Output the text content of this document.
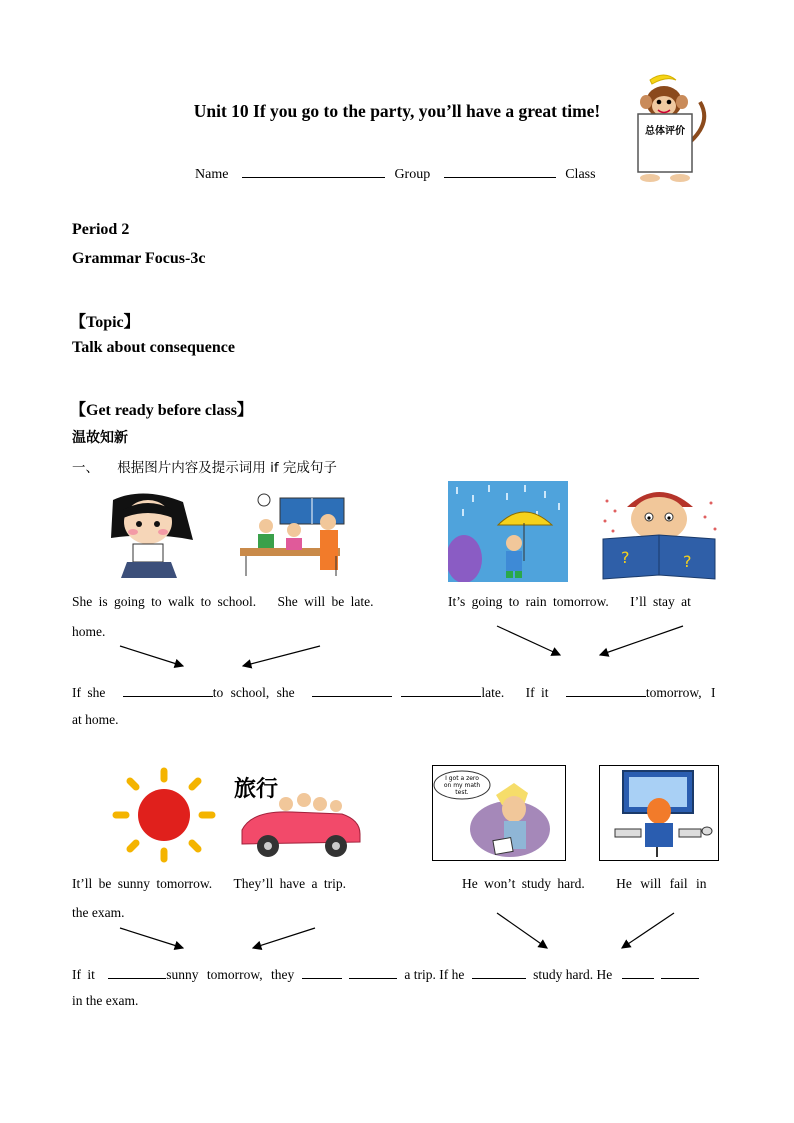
Unit 10 If you go to the party, you’ll have a great time!
总体评价
Name	Group	Class
Period 2
Grammar Focus-3c
【Topic】
Talk about consequence
【Get ready before class】
温故知新
一、 根据图片内容及提示词用 if 完成句子
?	?
She is going to walk to school. She will be late.	It’s going to rain tomorrow. I’ll stay at
home.
If she	to school, she	late. If it	tomorrow, I
at home.
旅行	I got a zero
on my math
test.
It’ll be sunny tomorrow. They’ll have a trip.	He won’t study hard. He will fail in
the exam.
If it	sunny tomorrow, they	a trip. If he	study hard. He
in the exam.
